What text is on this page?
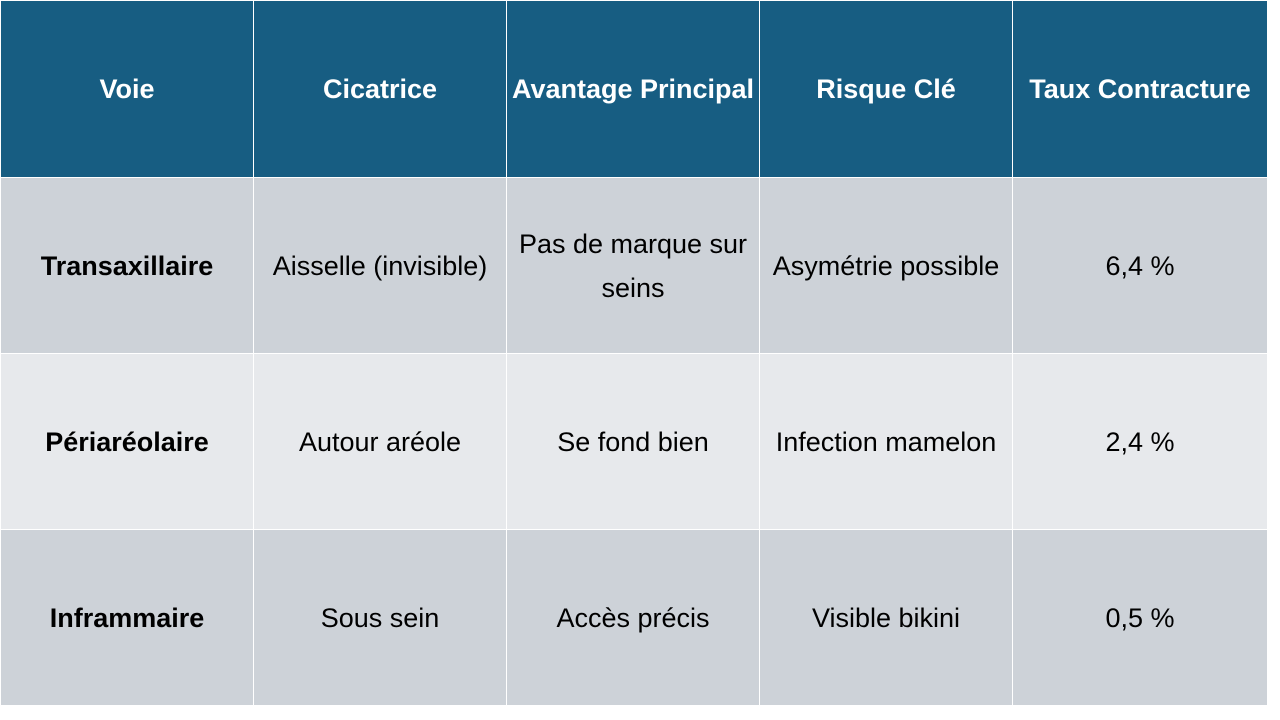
Voie	Cicatrice	Avantage Principal	Risque Clé	Taux Contracture
Transaxillaire	Aisselle (invisible)	Pas de marque sur seins	Asymétrie possible	6,4 %
Périaréolaire	Autour aréole	Se fond bien	Infection mamelon	2,4 %
Inframmaire	Sous sein	Accès précis	Visible bikini	0,5 %
